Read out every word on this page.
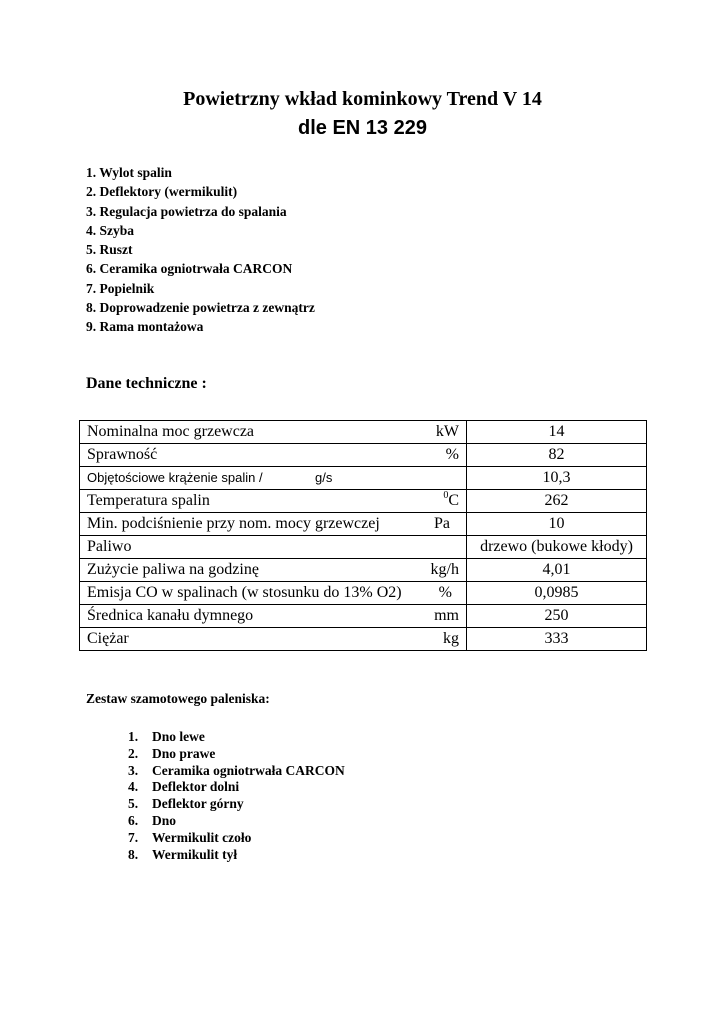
Powietrzny wkład kominkowy Trend V 14
dle EN 13 229
1. Wylot spalin
2. Deflektory (wermikulit)
3. Regulacja powietrza do spalania
4. Szyba
5. Ruszt
6. Ceramika ogniotrwała CARCON
7. Popielnik
8. Doprowadzenie powietrza z zewnątrz
9. Rama montażowa
Dane techniczne :
Nominalna moc grzewcza kW	14

Sprawność %	82

Objętościowe krążenie spalin / g/s	10,3

Temperatura spalin $^0$C	262

Min. podciśnienie przy nom. mocy grzewczej Pa	10

Paliwo	drzewo (bukowe kłody)

Zużycie paliwa na godzinę kg/h	4,01

Emisja CO w spalinach (w stosunku do 13% O2) %	0,0985

Średnica kanału dymnego mm	250

Ciężar kg	333
Zestaw szamotowego paleniska:
1. Dno lewe
2. Dno prawe
3. Ceramika ogniotrwała CARCON
4. Deflektor dolni
5. Deflektor górny
6. Dno
7. Wermikulit czoło
8. Wermikulit tył
